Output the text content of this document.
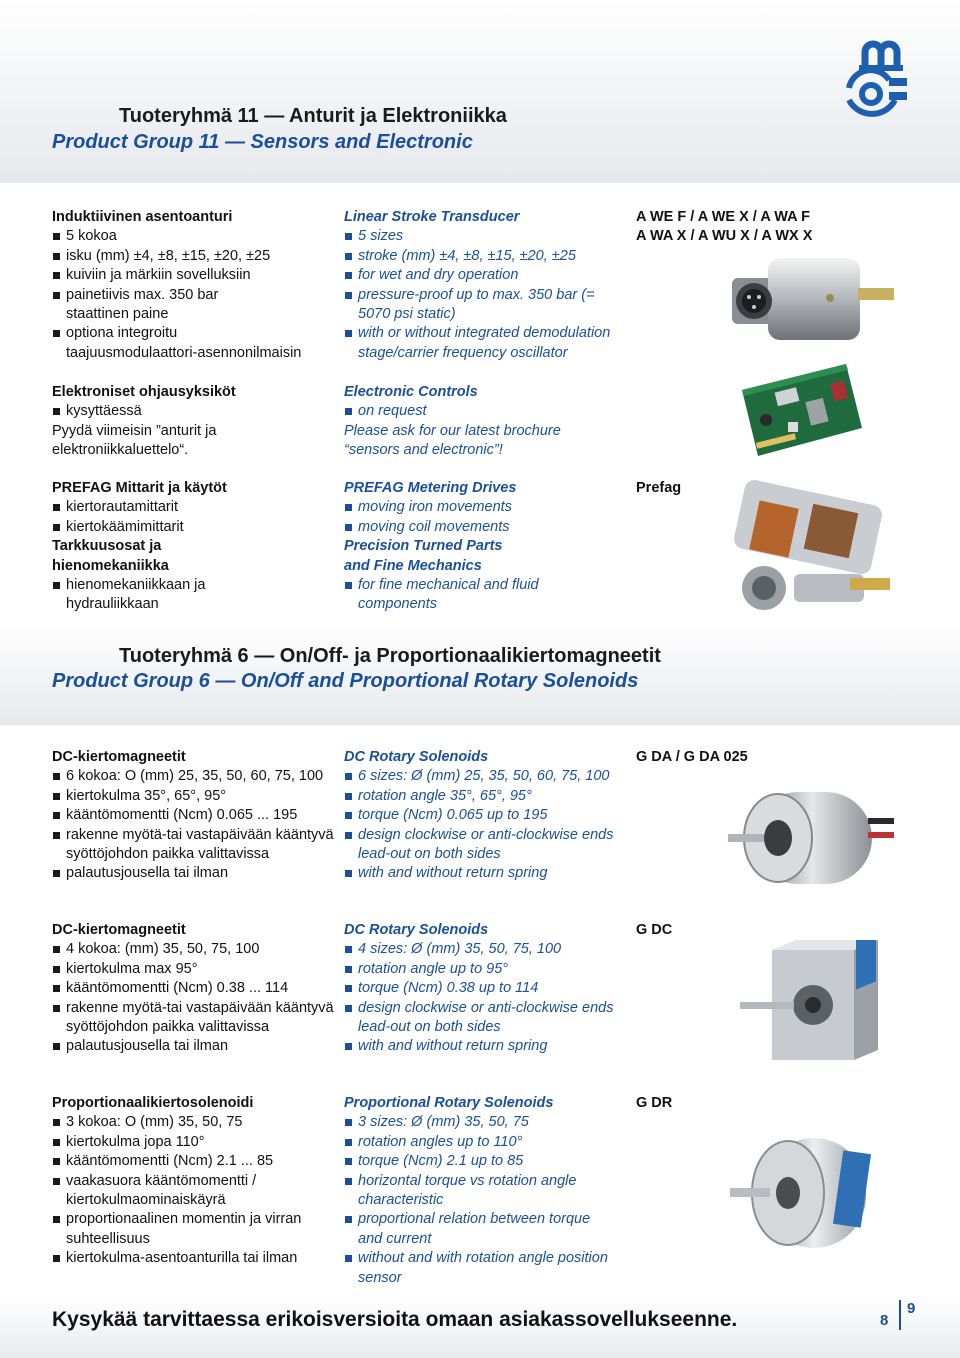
Tuoteryhmä 11 — Anturit ja Elektroniikka
Product Group 11 — Sensors and Electronic
Induktiivinen asentoanturi
5 kokoa
isku (mm) ±4, ±8, ±15, ±20, ±25
kuiviin ja märkiin sovelluksiin
painetiivis max. 350 bar staattinen paine
optiona integroitu taajuusmodulaattori-asennonilmaisin
Linear Stroke Transducer
5 sizes
stroke (mm) ±4, ±8, ±15, ±20, ±25
for wet and dry operation
pressure-proof up to max. 350 bar (= 5070 psi static)
with or without integrated demodulation stage/carrier frequency oscillator
A WE F / A WE X / A WA F
A WA X / A WU X / A WX X
Elektroniset ohjausyksiköt
kysyttäessä
Pyydä viimeisin ”anturit ja elektroniikkaluettelo“.
Electronic Controls
on request
Please ask for our latest brochure “sensors and electronic”!
PREFAG Mittarit ja käytöt
kiertorautamittarit
kiertokäämimittarit
Tarkkuusosat ja hienomekaniikka
hienomekaniikkaan ja hydrauliikkaan
PREFAG Metering Drives
moving iron movements
moving coil movements
Precision Turned Parts and Fine Mechanics
for fine mechanical and fluid components
Prefag
Tuoteryhmä 6 — On/Off- ja Proportionaalikiertomagneetit
Product Group 6 — On/Off and Proportional Rotary Solenoids
DC-kiertomagneetit
6 kokoa: O (mm) 25, 35, 50, 60, 75, 100
kiertokulma 35°, 65°, 95°
kääntömomentti (Ncm) 0.065 ... 195
rakenne myötä-tai vastapäivään kääntyvä syöttöjohdon paikka valittavissa
palautusjousella tai ilman
DC Rotary Solenoids
6 sizes: Ø (mm) 25, 35, 50, 60, 75, 100
rotation angle 35°, 65°, 95°
torque (Ncm) 0.065 up to 195
design clockwise or anti-clockwise ends lead-out on both sides
with and without return spring
G DA / G DA 025
DC-kiertomagneetit
4 kokoa: (mm) 35, 50, 75, 100
kiertokulma max 95°
kääntömomentti (Ncm) 0.38 ... 114
rakenne myötä-tai vastapäivään kääntyvä syöttöjohdon paikka valittavissa
palautusjousella tai ilman
DC Rotary Solenoids
4 sizes: Ø (mm) 35, 50, 75, 100
rotation angle up to 95°
torque (Ncm) 0.38 up to 114
design clockwise or anti-clockwise ends lead-out on both sides
with and without return spring
G DC
Proportionaalikiertosolenoidi
3 kokoa: O (mm) 35, 50, 75
kiertokulma jopa 110°
kääntömomentti (Ncm) 2.1 ... 85
vaakasuora kääntömomentti / kiertokulmaominaiskäyrä
proportionaalinen momentin ja virran suhteellisuus
kiertokulma-asentoanturilla tai ilman
Proportional Rotary Solenoids
3 sizes: Ø (mm) 35, 50, 75
rotation angles up to 110°
torque (Ncm) 2.1 up to 85
horizontal torque vs rotation angle characteristic
proportional relation between torque and current
without and with rotation angle position sensor
G DR
Kysykää tarvittaessa erikoisversioita omaan asiakassovellukseenne.	8
9
